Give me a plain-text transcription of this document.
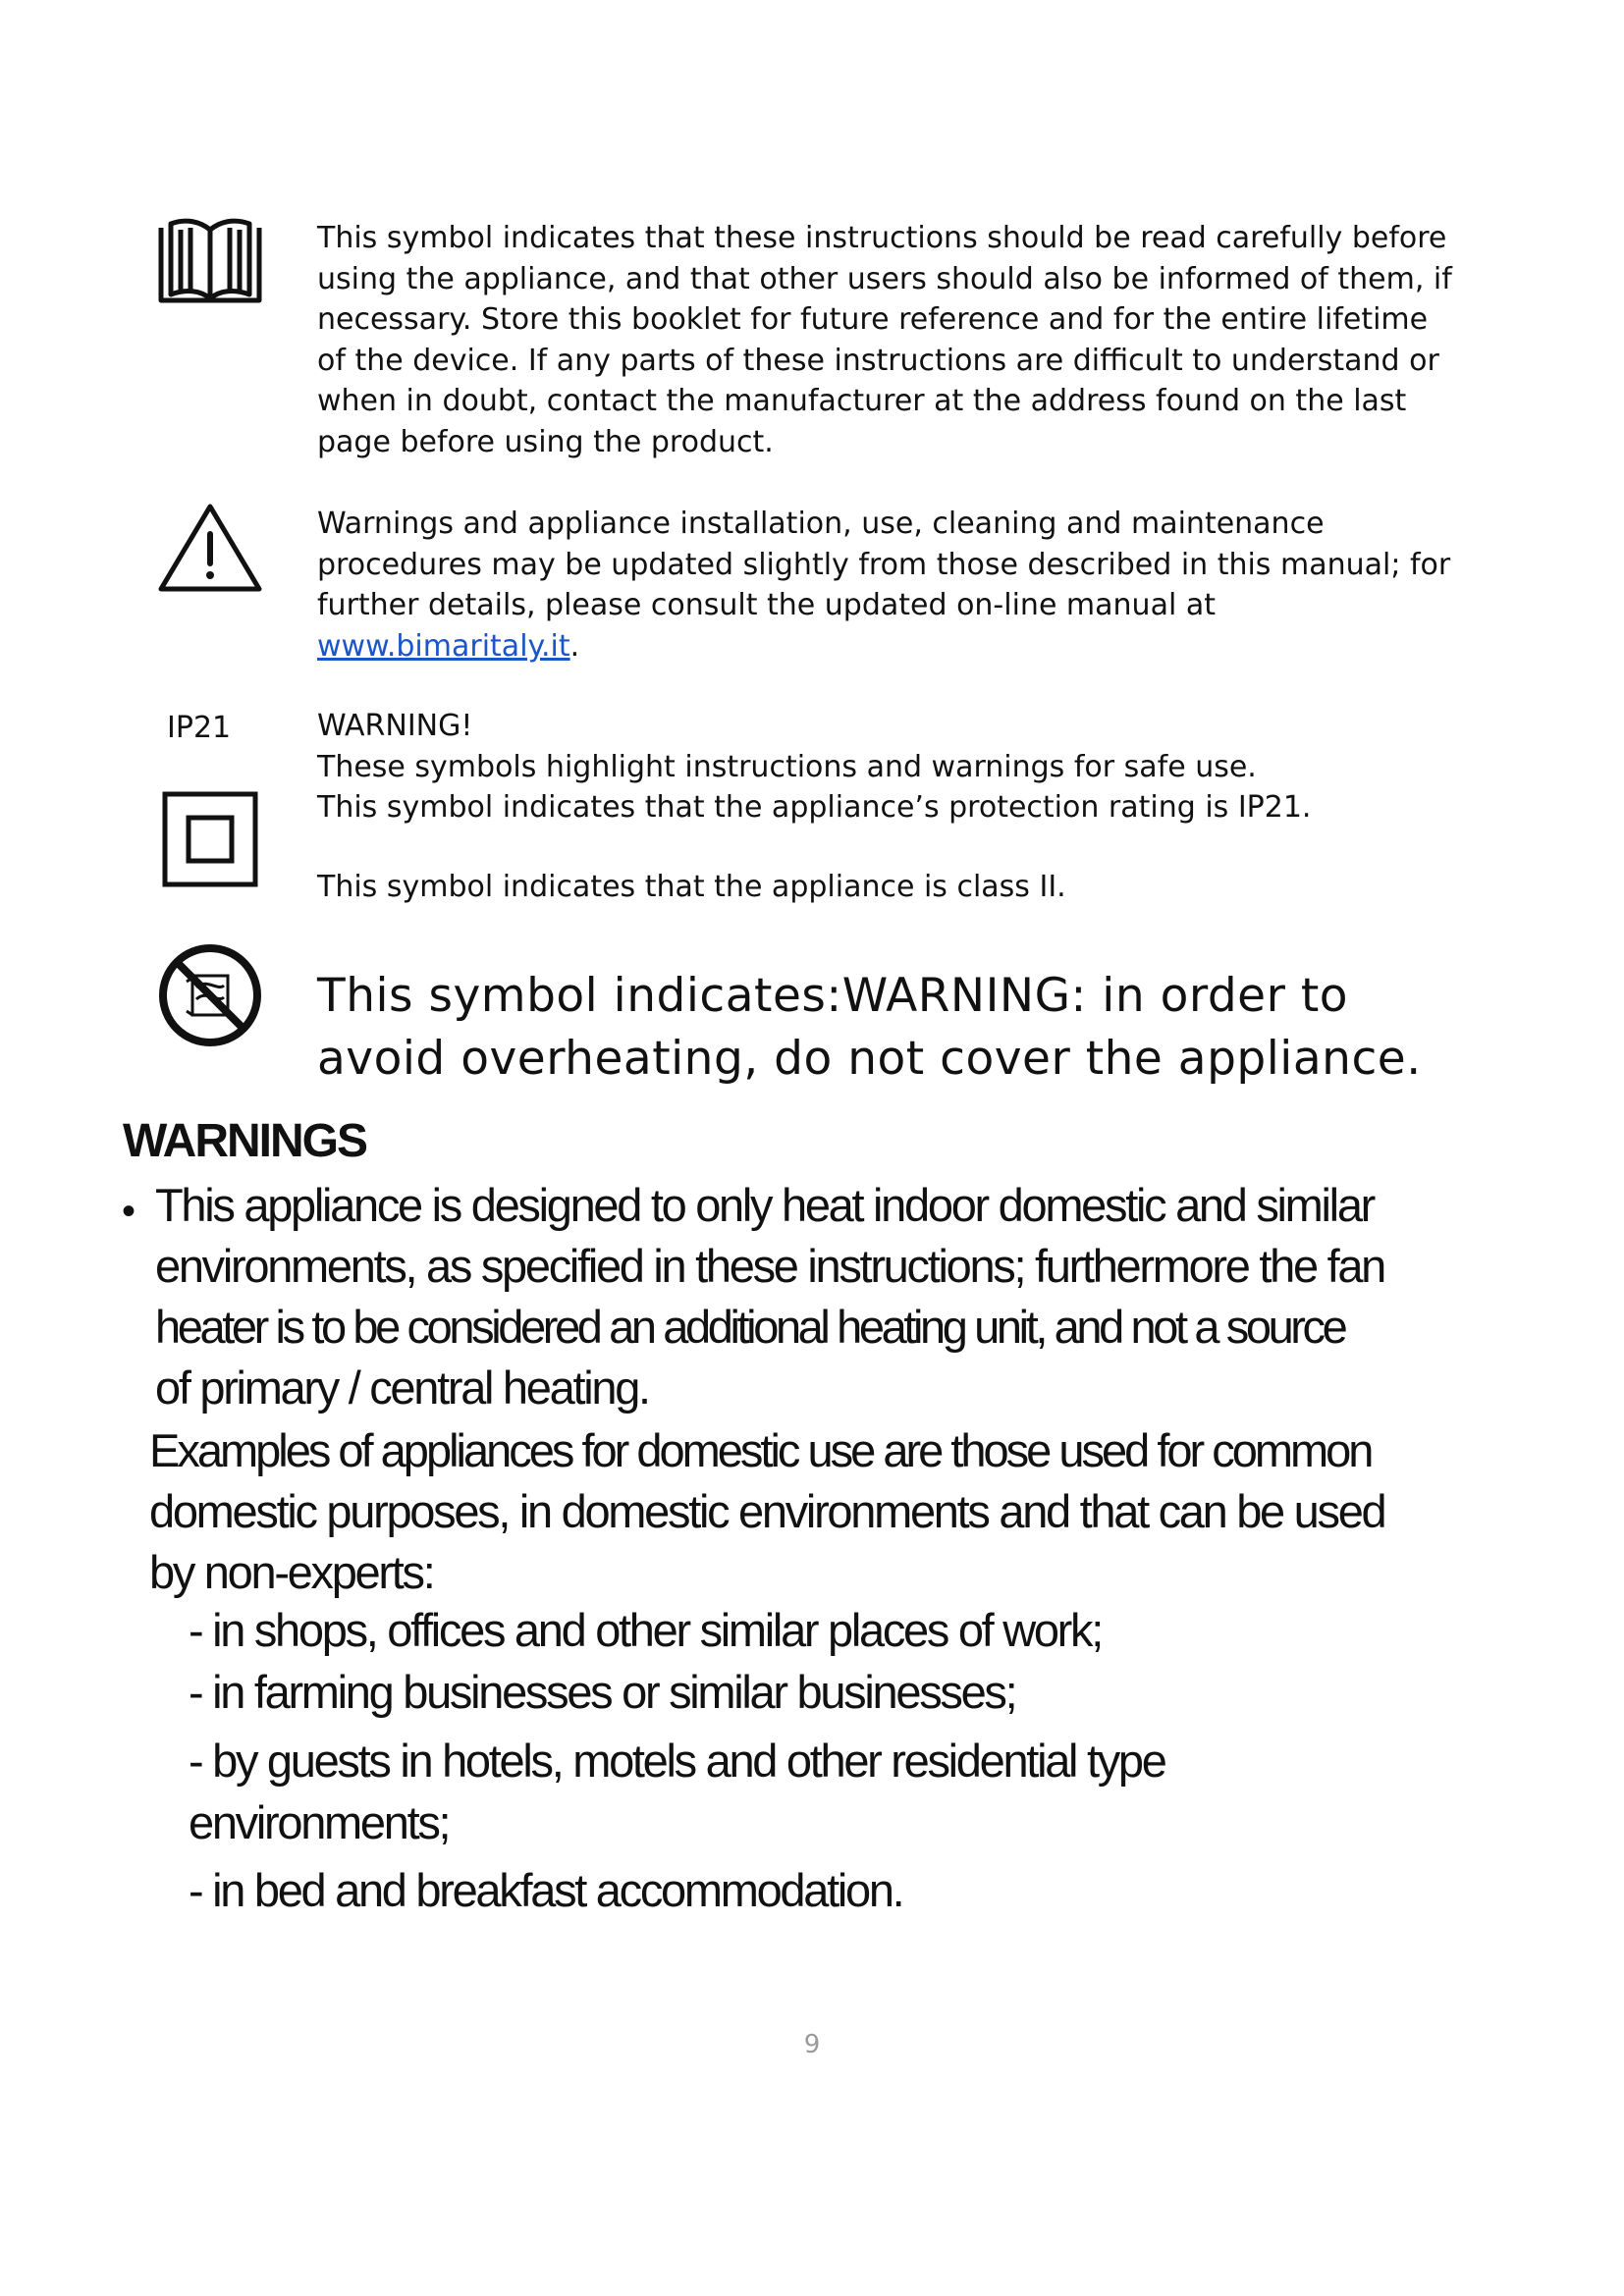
This symbol indicates that these instructions should be read carefully before
using the appliance, and that other users should also be informed of them, if
necessary. Store this booklet for future reference and for the entire lifetime
of the device. If any parts of these instructions are difficult to understand or
when in doubt, contact the manufacturer at the address found on the last
page before using the product.
Warnings and appliance installation, use, cleaning and maintenance
procedures may be updated slightly from those described in this manual; for
further details, please consult the updated on-line manual at
www.bimaritaly.it.
IP21	WARNING!
These symbols highlight instructions and warnings for safe use.
This symbol indicates that the appliance’s protection rating is IP21.
This symbol indicates that the appliance is class II.
This symbol indicates:WARNING: in order to
avoid overheating, do not cover the appliance.
WARNINGS
• This appliance is designed to only heat indoor domestic and similar
environments, as specified in these instructions; furthermore the fan
heater is to be considered an additional heating unit, and not a source
of primary / central heating.
Examples of appliances for domestic use are those used for common
domestic purposes, in domestic environments and that can be used
by non-experts:
- in shops, offices and other similar places of work;
- in farming businesses or similar businesses;
- by guests in hotels, motels and other residential type
environments;
- in bed and breakfast accommodation.
9
